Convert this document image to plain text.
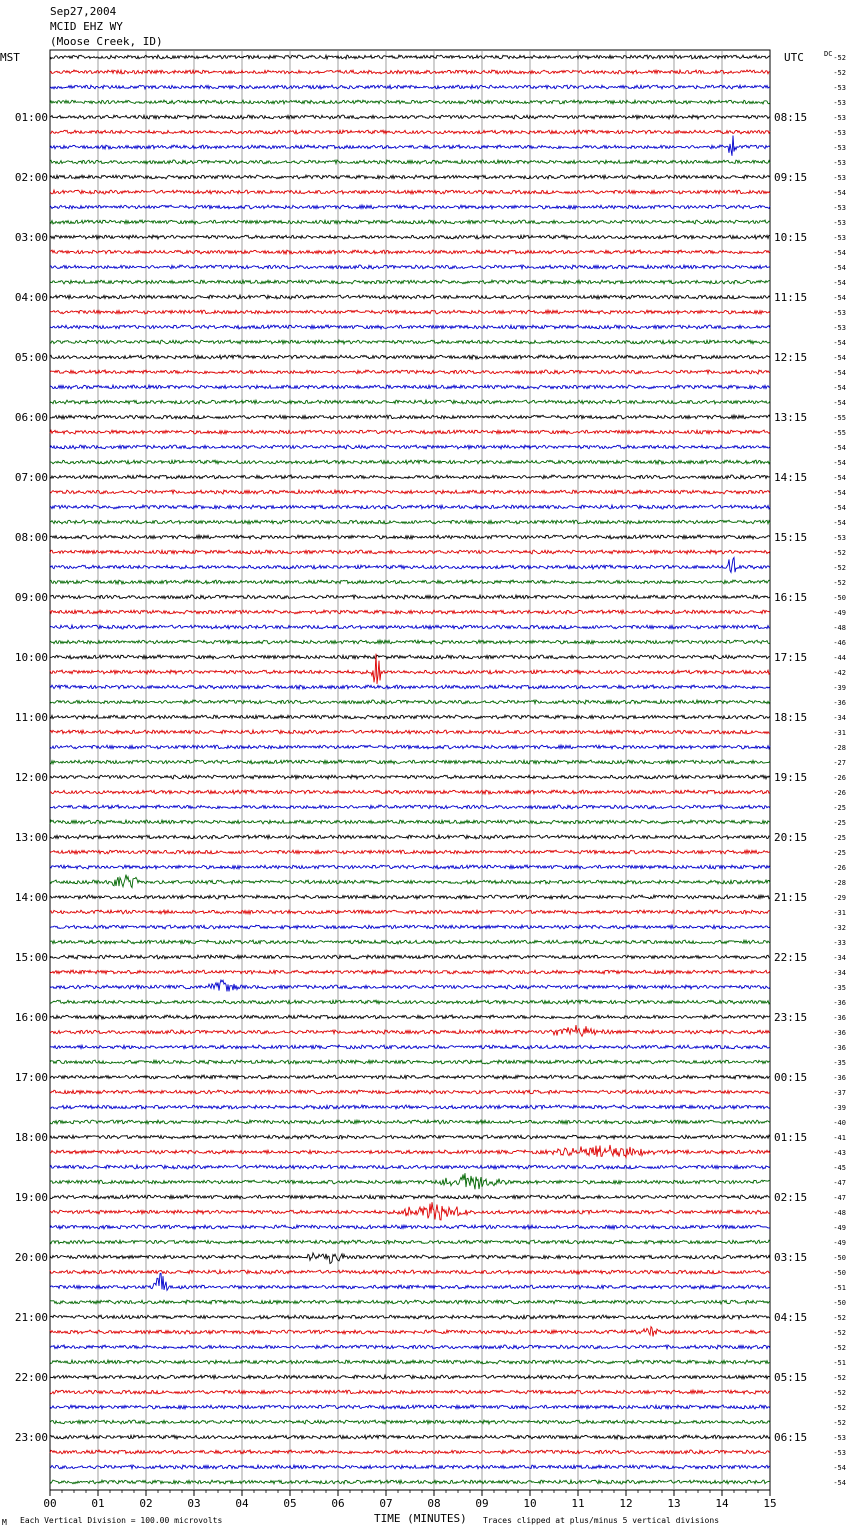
Sep27,2004
MCID EHZ WY
(Moose Creek, ID)
-52
-52
-53
-53
-53
-53
-53
-53
-53
-54
-53
-53
-53
-54
-54
-54
-54
-53
-53
-54
-54
-54
-54
-54
-55
-55
-54
-54
-54
-54
-54
-54
-53
-52
-52
-52
-50
-49
-48
-46
-44
-42
-39
-36
-34
-31
-28
-27
-26
-26
-25
-25
-25
-25
-26
-28
-29
-31
-32
-33
-34
-34
-35
-36
-36
-36
-36
-35
-36
-37
-39
-40
-41
-43
-45
-47
-47
-48
-49
-49
-50
-50
-51
-50
-52
-52
-52
-51
-52
-52
-52
-52
-53
-53
-54
-54
MST	UTC	DC
01:00
02:00
03:00
04:00
05:00
06:00
07:00
08:00
09:00
10:00
11:00
12:00
13:00
14:00
15:00
16:00
17:00
18:00
19:00
20:00
21:00
22:00
23:00
08:15
09:15
10:15
11:15
12:15
13:15
14:15
15:15
16:15
17:15
18:15
19:15
20:15
21:15
22:15
23:15
00:15
01:15
02:15
03:15
04:15
05:15
06:15
00	01	02	03	04	05	06	07	08	09	10	11	12	13	14	15
M Each Vertical Division = 100.00 microvolts	TIME (MINUTES) Traces clipped at plus/minus 5 vertical divisions
